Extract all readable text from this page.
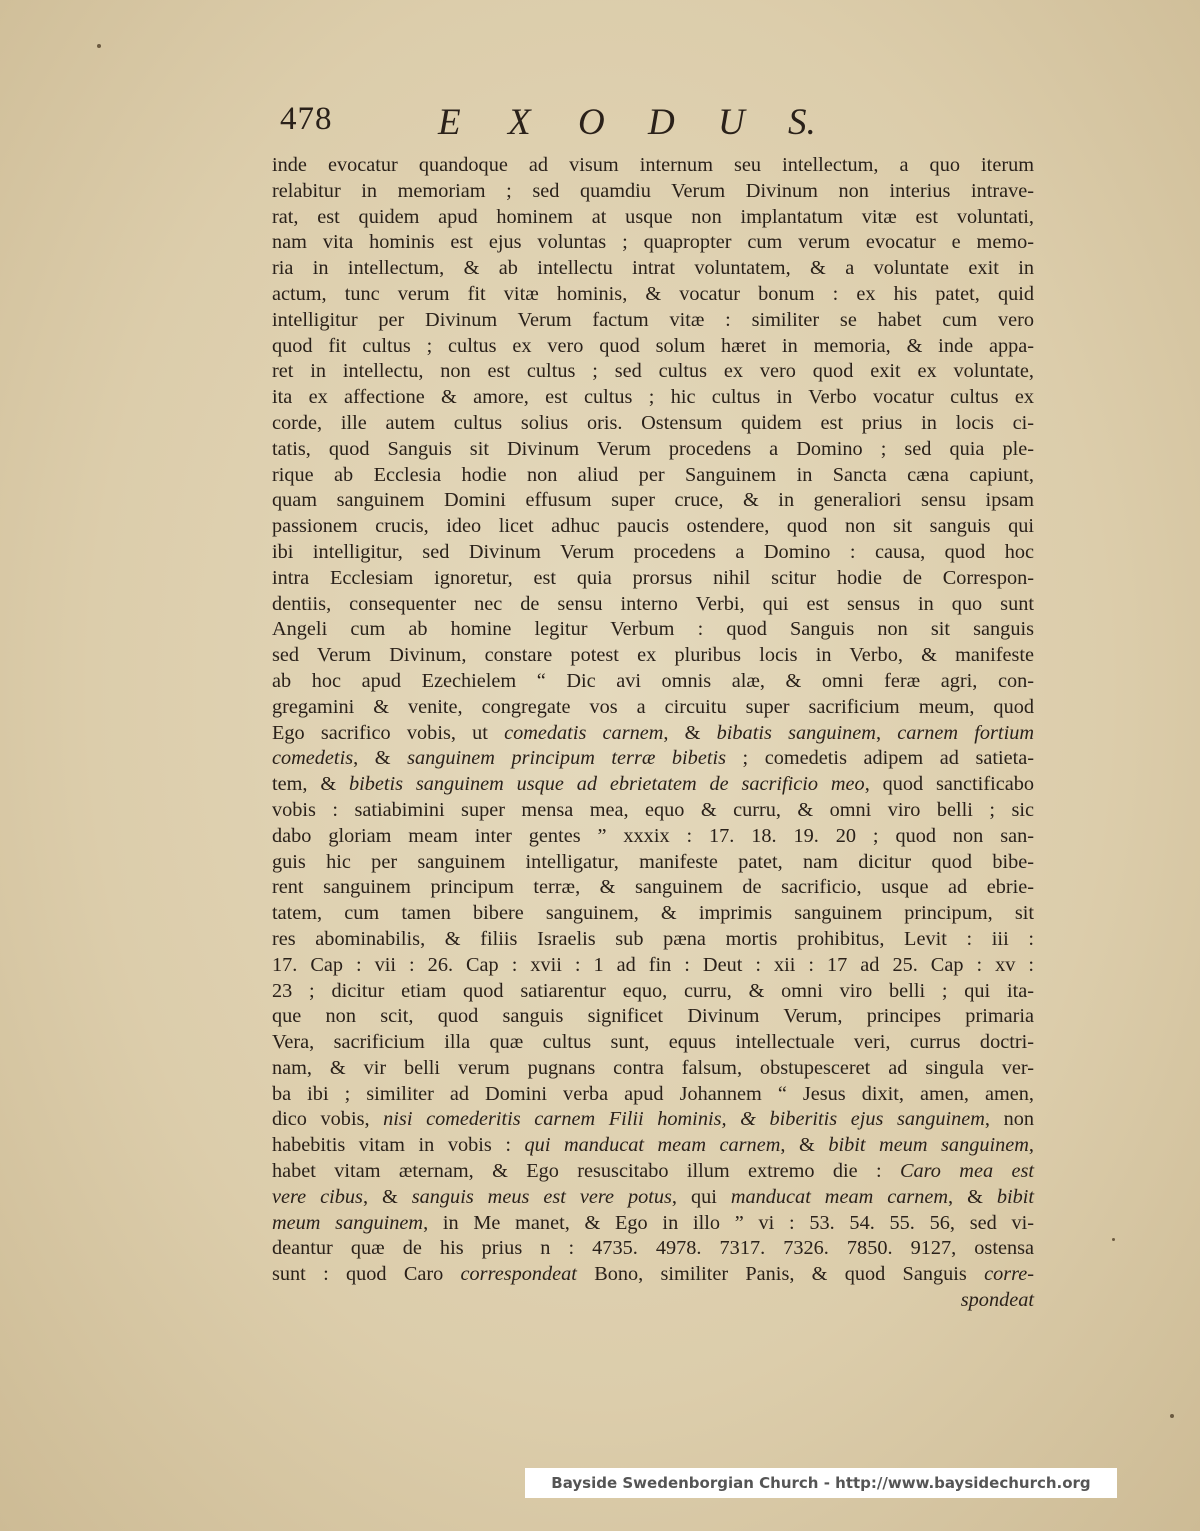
478	E X O D U S.
inde evocatur quandoque ad visum internum seu intellectum, a quo iterum
relabitur in memoriam ; sed quamdiu Verum Divinum non interius intrave-
rat, est quidem apud hominem at usque non implantatum vitæ est voluntati,
nam vita hominis est ejus voluntas ; quapropter cum verum evocatur e memo-
ria in intellectum, & ab intellectu intrat voluntatem, & a voluntate exit in
actum, tunc verum fit vitæ hominis, & vocatur bonum : ex his patet, quid
intelligitur per Divinum Verum factum vitæ : similiter se habet cum vero
quod fit cultus ; cultus ex vero quod solum hæret in memoria, & inde appa-
ret in intellectu, non est cultus ; sed cultus ex vero quod exit ex voluntate,
ita ex affectione & amore, est cultus ; hic cultus in Verbo vocatur cultus ex
corde, ille autem cultus solius oris. Ostensum quidem est prius in locis ci-
tatis, quod Sanguis sit Divinum Verum procedens a Domino ; sed quia ple-
rique ab Ecclesia hodie non aliud per Sanguinem in Sancta cæna capiunt,
quam sanguinem Domini effusum super cruce, & in generaliori sensu ipsam
passionem crucis, ideo licet adhuc paucis ostendere, quod non sit sanguis qui
ibi intelligitur, sed Divinum Verum procedens a Domino : causa, quod hoc
intra Ecclesiam ignoretur, est quia prorsus nihil scitur hodie de Correspon-
dentiis, consequenter nec de sensu interno Verbi, qui est sensus in quo sunt
Angeli cum ab homine legitur Verbum : quod Sanguis non sit sanguis
sed Verum Divinum, constare potest ex pluribus locis in Verbo, & manifeste
ab hoc apud Ezechielem “ Dic avi omnis alæ, & omni feræ agri, con-
gregamini & venite, congregate vos a circuitu super sacrificium meum, quod
Ego sacrifico vobis, ut comedatis carnem, & bibatis sanguinem, carnem fortium
comedetis, & sanguinem principum terræ bibetis ; comedetis adipem ad satieta-
tem, & bibetis sanguinem usque ad ebrietatem de sacrificio meo, quod sanctificabo
vobis : satiabimini super mensa mea, equo & curru, & omni viro belli ; sic
dabo gloriam meam inter gentes ” xxxix : 17. 18. 19. 20 ; quod non san-
guis hic per sanguinem intelligatur, manifeste patet, nam dicitur quod bibe-
rent sanguinem principum terræ, & sanguinem de sacrificio, usque ad ebrie-
tatem, cum tamen bibere sanguinem, & imprimis sanguinem principum, sit
res abominabilis, & filiis Israelis sub pæna mortis prohibitus, Levit : iii :
17. Cap : vii : 26. Cap : xvii : 1 ad fin : Deut : xii : 17 ad 25. Cap : xv :
23 ; dicitur etiam quod satiarentur equo, curru, & omni viro belli ; qui ita-
que non scit, quod sanguis significet Divinum Verum, principes primaria
Vera, sacrificium illa quæ cultus sunt, equus intellectuale veri, currus doctri-
nam, & vir belli verum pugnans contra falsum, obstupesceret ad singula ver-
ba ibi ; similiter ad Domini verba apud Johannem “ Jesus dixit, amen, amen,
dico vobis, nisi comederitis carnem Filii hominis, & biberitis ejus sanguinem, non
habebitis vitam in vobis : qui manducat meam carnem, & bibit meum sanguinem,
habet vitam æternam, & Ego resuscitabo illum extremo die : Caro mea est
vere cibus, & sanguis meus est vere potus, qui manducat meam carnem, & bibit
meum sanguinem, in Me manet, & Ego in illo ” vi : 53. 54. 55. 56, sed vi-
deantur quæ de his prius n : 4735. 4978. 7317. 7326. 7850. 9127, ostensa
sunt : quod Caro correspondeat Bono, similiter Panis, & quod Sanguis corre-
spondeat
Bayside Swedenborgian Church - http://www.baysidechurch.org
